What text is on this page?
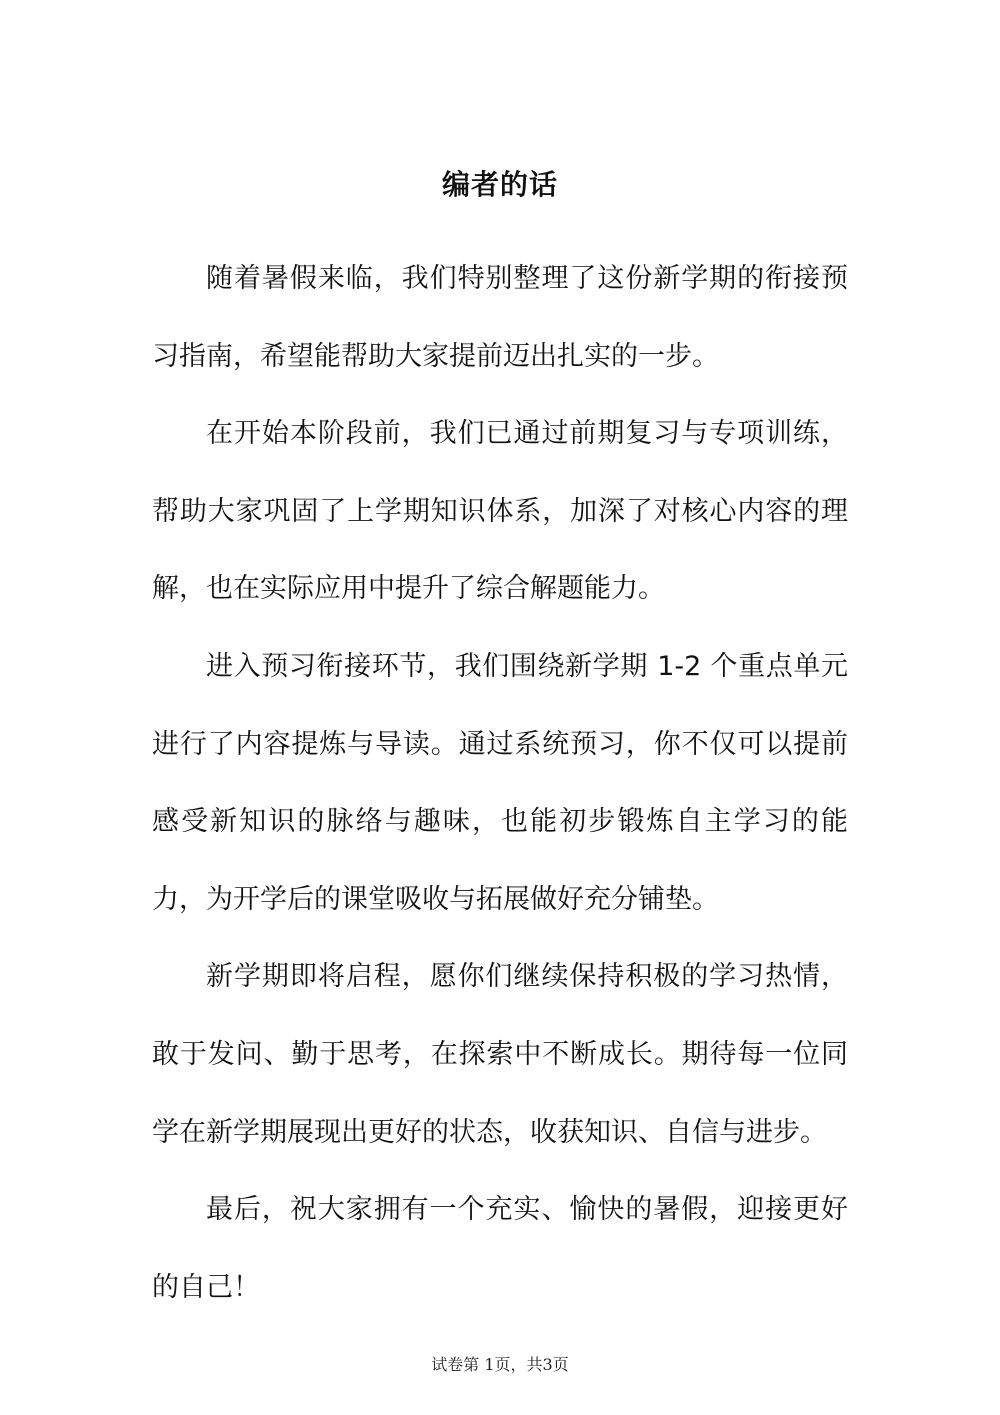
编者的话

随着暑假来临，我们特别整理了这份新学期的衔接预习指南，希望能帮助大家提前迈出扎实的一步。

在开始本阶段前，我们已通过前期复习与专项训练，帮助大家巩固了上学期知识体系，加深了对核心内容的理解，也在实际应用中提升了综合解题能力。

进入预习衔接环节，我们围绕新学期 1-2 个重点单元进行了内容提炼与导读。通过系统预习，你不仅可以提前感受新知识的脉络与趣味，也能初步锻炼自主学习的能力，为开学后的课堂吸收与拓展做好充分铺垫。

新学期即将启程，愿你们继续保持积极的学习热情，敢于发问、勤于思考，在探索中不断成长。期待每一位同学在新学期展现出更好的状态，收获知识、自信与进步。

最后，祝大家拥有一个充实、愉快的暑假，迎接更好的自己！

试卷第 1页，共3页
